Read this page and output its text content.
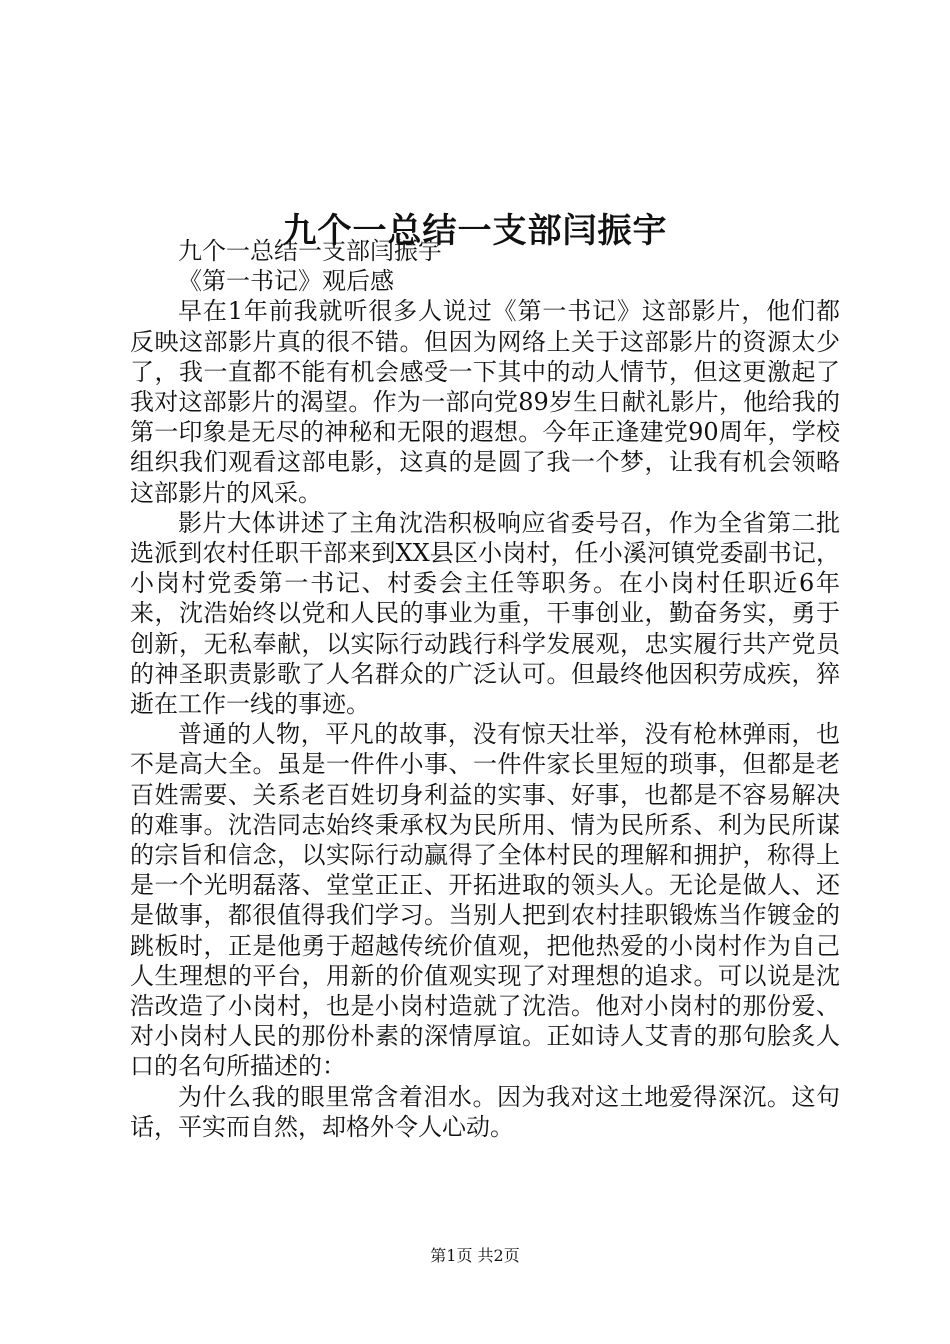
九个一总结一支部闫振宇

九个一总结一支部闫振宇

《第一书记》观后感

早在1年前我就听很多人说过《第一书记》这部影片，他们都反映这部影片真的很不错。但因为网络上关于这部影片的资源太少了，我一直都不能有机会感受一下其中的动人情节，但这更激起了我对这部影片的渴望。作为一部向党89岁生日献礼影片，他给我的第一印象是无尽的神秘和无限的遐想。今年正逢建党90周年，学校组织我们观看这部电影，这真的是圆了我一个梦，让我有机会领略这部影片的风采。

影片大体讲述了主角沈浩积极响应省委号召，作为全省第二批选派到农村任职干部来到XX县区小岗村，任小溪河镇党委副书记，小岗村党委第一书记、村委会主任等职务。在小岗村任职近6年来，沈浩始终以党和人民的事业为重，干事创业，勤奋务实，勇于创新，无私奉献，以实际行动践行科学发展观，忠实履行共产党员的神圣职责影歌了人名群众的广泛认可。但最终他因积劳成疾，猝逝在工作一线的事迹。

普通的人物，平凡的故事，没有惊天壮举，没有枪林弹雨，也不是高大全。虽是一件件小事、一件件家长里短的琐事，但都是老百姓需要、关系老百姓切身利益的实事、好事，也都是不容易解决的难事。沈浩同志始终秉承权为民所用、情为民所系、利为民所谋的宗旨和信念，以实际行动赢得了全体村民的理解和拥护，称得上是一个光明磊落、堂堂正正、开拓进取的领头人。无论是做人、还是做事，都很值得我们学习。当别人把到农村挂职锻炼当作镀金的跳板时，正是他勇于超越传统价值观，把他热爱的小岗村作为自己人生理想的平台，用新的价值观实现了对理想的追求。可以说是沈浩改造了小岗村，也是小岗村造就了沈浩。他对小岗村的那份爱、对小岗村人民的那份朴素的深情厚谊。正如诗人艾青的那句脍炙人口的名句所描述的：

为什么我的眼里常含着泪水。因为我对这土地爱得深沉。这句话，平实而自然，却格外令人心动。

第1页 共2页
